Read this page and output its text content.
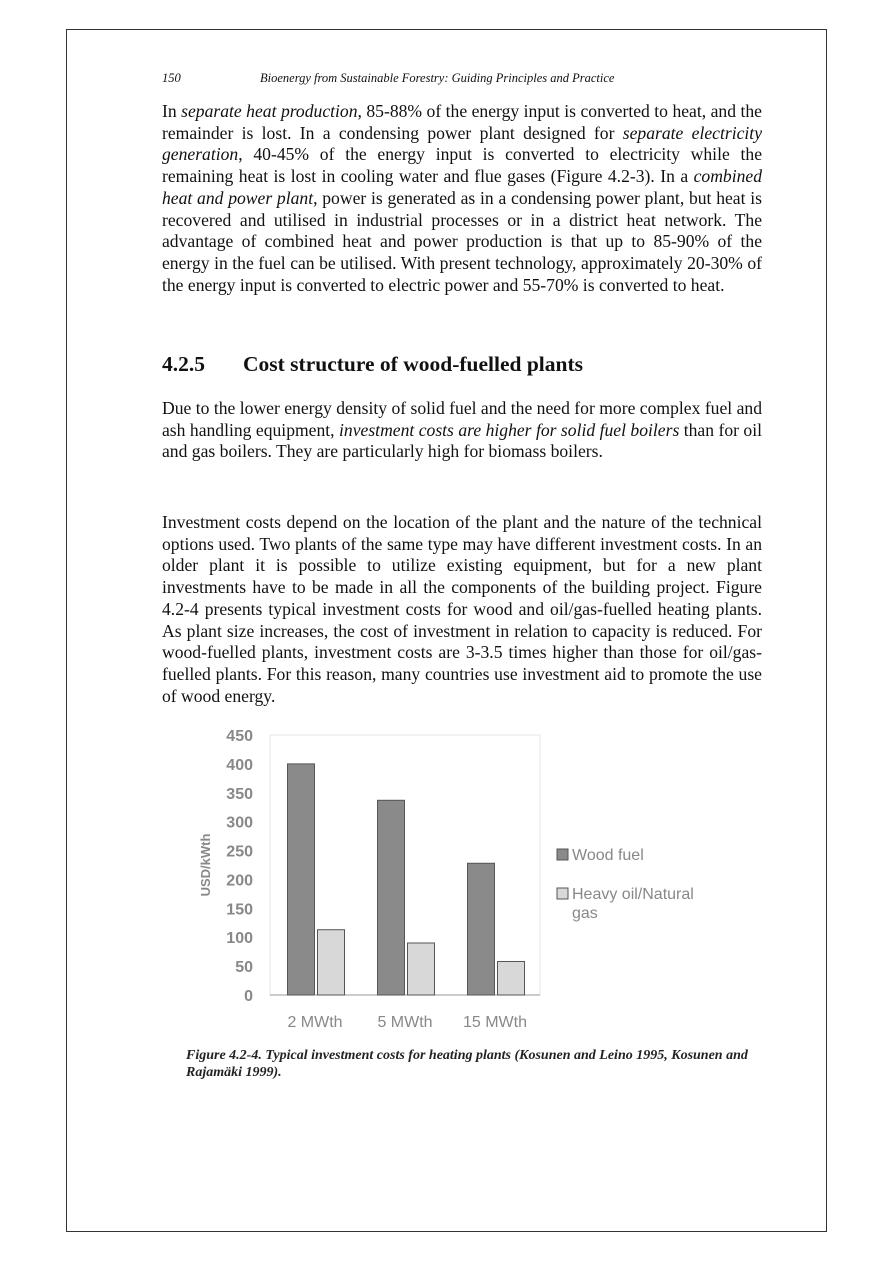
150	Bioenergy from Sustainable Forestry: Guiding Principles and Practice

In separate heat production, 85-88% of the energy input is converted to heat, and the remainder is lost. In a condensing power plant designed for separate electricity generation, 40-45% of the energy input is converted to electricity while the remaining heat is lost in cooling water and flue gases (Figure 4.2-3). In a combined heat and power plant, power is generated as in a condensing power plant, but heat is recovered and utilised in industrial processes or in a district heat network. The advantage of combined heat and power production is that up to 85-90% of the energy in the fuel can be utilised. With present technology, approximately 20-30% of the energy input is converted to electric power and 55-70% is converted to heat.

4.2.5 Cost structure of wood-fuelled plants

Due to the lower energy density of solid fuel and the need for more complex fuel and ash handling equipment, investment costs are higher for solid fuel boilers than for oil and gas boilers. They are particularly high for biomass boilers.

Investment costs depend on the location of the plant and the nature of the technical options used. Two plants of the same type may have different investment costs. In an older plant it is possible to utilize existing equipment, but for a new plant investments have to be made in all the components of the building project. Figure 4.2-4 presents typical investment costs for wood and oil/gas-fuelled heating plants. As plant size increases, the cost of investment in relation to capacity is reduced. For wood-fuelled plants, investment costs are 3-3.5 times higher than those for oil/gas-fuelled plants. For this reason, many countries use investment aid to promote the use of wood energy.

0
50
100
150
200
250
300
350
400
450
USD/kWth
2 MWth 5 MWth 15 MWth
Wood fuel
Heavy oil/Natural gas
Figure 4.2-4. Typical investment costs for heating plants (Kosunen and Leino 1995, Kosunen and Rajamäki 1999).
